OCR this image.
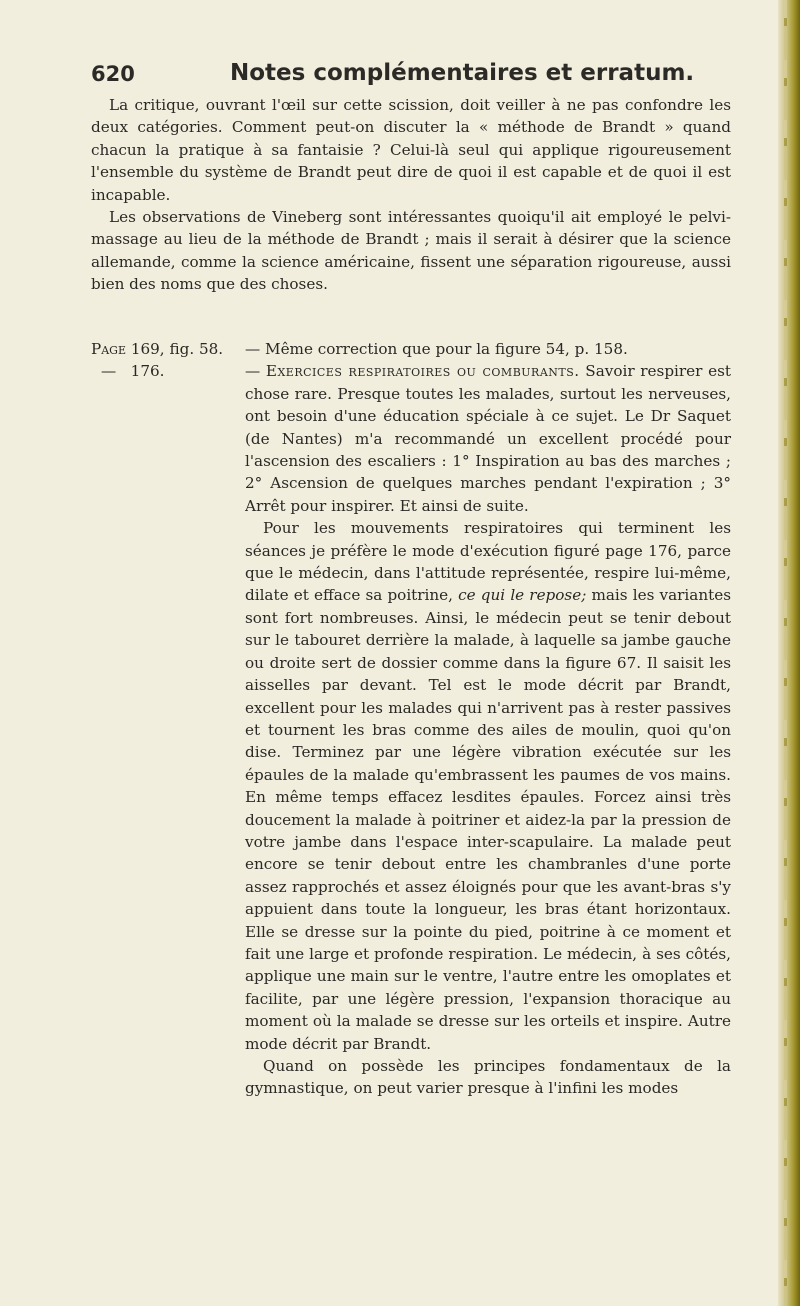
620	Notes complémentaires et erratum.

La critique, ouvrant l'œil sur cette scission, doit veiller à ne pas confondre les deux catégories. Comment peut-on discuter la « méthode de Brandt » quand chacun la pratique à sa fantaisie ? Celui-là seul qui applique rigoureusement l'ensemble du système de Brandt peut dire de quoi il est capable et de quoi il est incapable.

Les observations de Vineberg sont intéressantes quoiqu'il ait employé le pelvi-massage au lieu de la méthode de Brandt ; mais il serait à désirer que la science allemande, comme la science américaine, fissent une séparation rigoureuse, aussi bien des noms que des choses.

Page 169, fig. 58. — Même correction que pour la figure 54, p. 158.

— 176.	— Exercices respiratoires ou comburants. Savoir respirer est chose rare. Presque toutes les malades, surtout les nerveuses, ont besoin d'une éducation spéciale à ce sujet. Le Dr Saquet (de Nantes) m'a recommandé un excellent procédé pour l'ascension des escaliers : 1° Inspiration au bas des marches ; 2° Ascension de quelques marches pendant l'expiration ; 3° Arrêt pour inspirer. Et ainsi de suite.

Pour les mouvements respiratoires qui terminent les séances je préfère le mode d'exécution figuré page 176, parce que le médecin, dans l'attitude représentée, respire lui-même, dilate et efface sa poitrine, ce qui le repose; mais les variantes sont fort nombreuses. Ainsi, le médecin peut se tenir debout sur le tabouret derrière la malade, à laquelle sa jambe gauche ou droite sert de dossier comme dans la figure 67. Il saisit les aisselles par devant. Tel est le mode décrit par Brandt, excellent pour les malades qui n'arrivent pas à rester passives et tournent les bras comme des ailes de moulin, quoi qu'on dise. Terminez par une légère vibration exécutée sur les épaules de la malade qu'embrassent les paumes de vos mains. En même temps effacez lesdites épaules. Forcez ainsi très doucement la malade à poitriner et aidez-la par la pression de votre jambe dans l'espace inter-scapulaire. La malade peut encore se tenir debout entre les chambranles d'une porte assez rapprochés et assez éloignés pour que les avant-bras s'y appuient dans toute la longueur, les bras étant horizontaux. Elle se dresse sur la pointe du pied, poitrine à ce moment et fait une large et profonde respiration. Le médecin, à ses côtés, applique une main sur le ventre, l'autre entre les omoplates et facilite, par une légère pression, l'expansion thoracique au moment où la malade se dresse sur les orteils et inspire. Autre mode décrit par Brandt.

Quand on possède les principes fondamentaux de la gymnastique, on peut varier presque à l'infini les modes
